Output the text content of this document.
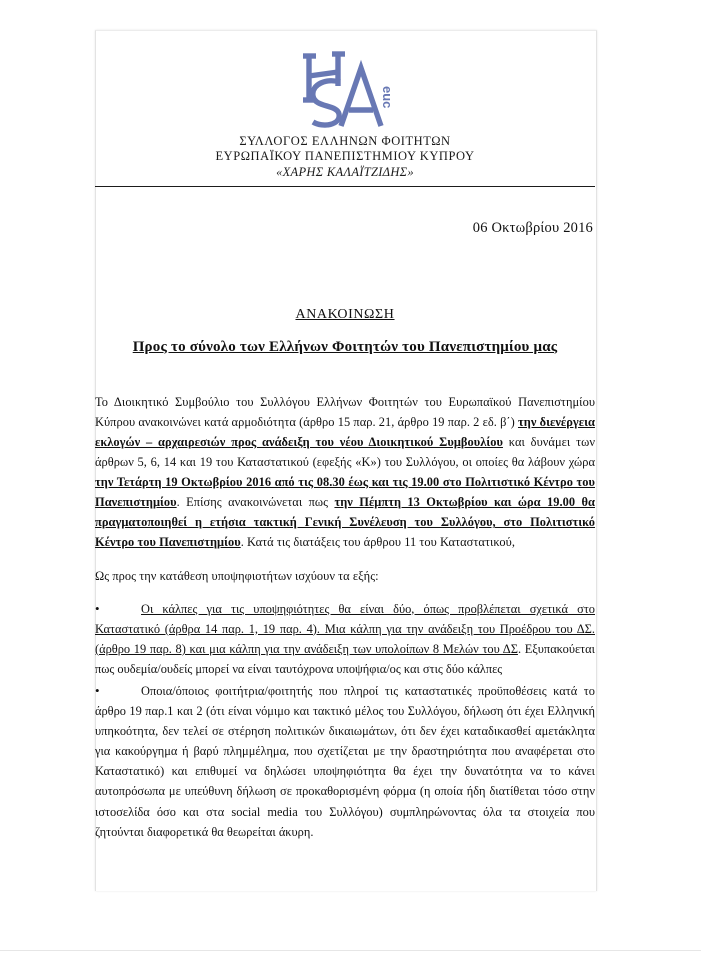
euc
ΣΥΛΛΟΓΟΣ ΕΛΛΗΝΩΝ ΦΟΙΤΗΤΩΝ
ΕΥΡΩΠΑΪΚΟΥ ΠΑΝΕΠΙΣΤΗΜΙΟΥ ΚΥΠΡΟΥ
«ΧΑΡΗΣ ΚΑΛΑΪΤΖΙΔΗΣ»
06 Οκτωβρίου 2016
ΑΝΑΚΟΙΝΩΣΗ
Προς το σύνολο των Ελλήνων Φοιτητών του Πανεπιστημίου μας

Το Διοικητικό Συμβούλιο του Συλλόγου Ελλήνων Φοιτητών του Ευρωπαϊκού Πανεπιστημίου Κύπρου ανακοινώνει κατά αρμοδιότητα (άρθρο 15 παρ. 21, άρθρο 19 παρ. 2 εδ. β΄) την διενέργεια εκλογών – αρχαιρεσιών προς ανάδειξη του νέου Διοικητικού Συμβουλίου και δυνάμει των άρθρων 5, 6, 14 και 19 του Καταστατικού (εφεξής «Κ») του Συλλόγου, οι οποίες θα λάβουν χώρα την Τετάρτη 19 Οκτωβρίου 2016 από τις 08.30 έως και τις 19.00 στο Πολιτιστικό Κέντρο του Πανεπιστημίου. Επίσης ανακοινώνεται πως την Πέμπτη 13 Οκτωβρίου και ώρα 19.00 θα πραγματοποιηθεί η ετήσια τακτική Γενική Συνέλευση του Συλλόγου, στο Πολιτιστικό Κέντρο του Πανεπιστημίου. Κατά τις διατάξεις του άρθρου 11 του Καταστατικού,

Ως προς την κατάθεση υποψηφιοτήτων ισχύουν τα εξής:

•Οι κάλπες για τις υποψηφιότητες θα είναι δύο, όπως προβλέπεται σχετικά στο Καταστατικό (άρθρα 14 παρ. 1, 19 παρ. 4). Μια κάλπη για την ανάδειξη του Προέδρου του ΔΣ. (άρθρο 19 παρ. 8) και μια κάλπη για την ανάδειξη των υπολοίπων 8 Μελών του ΔΣ. Εξυπακούεται πως ουδεμία/ουδείς μπορεί να είναι ταυτόχρονα υποψήφια/ος και στις δύο κάλπες
•Οποια/όποιος φοιτήτρια/φοιτητής που πληροί τις καταστατικές προϋποθέσεις κατά το άρθρο 19 παρ.1 και 2 (ότι είναι νόμιμο και τακτικό μέλος του Συλλόγου, δήλωση ότι έχει Ελληνική υπηκοότητα, δεν τελεί σε στέρηση πολιτικών δικαιωμάτων, ότι δεν έχει καταδικασθεί αμετάκλητα για κακούργημα ή βαρύ πλημμέλημα, που σχετίζεται με την δραστηριότητα που αναφέρεται στο Καταστατικό) και επιθυμεί να δηλώσει υποψηφιότητα θα έχει την δυνατότητα να το κάνει αυτοπρόσωπα με υπεύθυνη δήλωση σε προκαθορισμένη φόρμα (η οποία ήδη διατίθεται τόσο στην ιστοσελίδα όσο και στα social media του Συλλόγου) συμπληρώνοντας όλα τα στοιχεία που ζητούνται διαφορετικά θα θεωρείται άκυρη.
